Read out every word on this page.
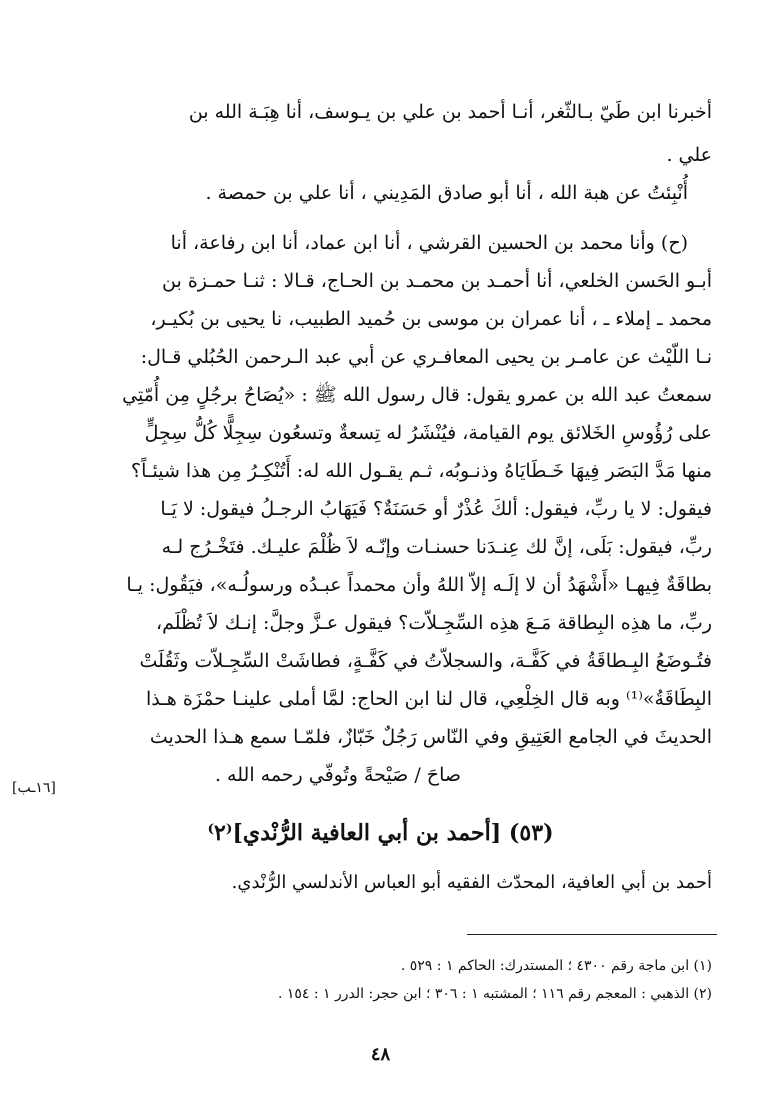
أخبرنا ابن طَيّ بـالثّغر، أنـا أحمد بن علي بن يـوسف، أنا هِبَـة الله بن
علي .
أُنْبِئتُ عن هبة الله ، أنا أبو صادق المَدِيني ، أنا علي بن حمصة .
(ح) وأنا محمد بن الحسين القرشي ، أنا ابن عماد، أنا ابن رفاعة، أنا
أبـو الحَسن الخلعي، أنا أحمـد بن محمـد بن الحـاج، قـالا : ثنـا حمـزة بن
محمد ـ إملاء ـ ، أنا عمران بن موسى بن حُميد الطبيب، نا يحيى بن بُكيـر،
نـا اللّيْث عن عامـر بن يحيى المعافـري عن أبي عبد الـرحمن الحُبُلي قـال:
سمعتُ عبد الله بن عمرو يقول: قال رسول الله ﷺ : «يُصَاحُ برجُلٍ مِن أُمّتِي
على رُؤُوسِ الخَلائق يوم القيامة، فيُنْشَرُ له تِسعةٌ وتسعُون سِجِلًّا كُلُّ سِجِلٍّ
منها مَدَّ البَصَر فِيهَا خَـطَايَاهُ وذنـوبُه، ثـم يقـول الله له: أَتُنْكِـرُ مِن هذا شيئـاً؟
فيقول: لا يا ربِّ، فيقول: ألكَ عُذْرٌ أو حَسَنَةٌ؟ فَيَهَابُ الرجـلُ فيقول: لا يَـا
ربِّ، فيقول: بَلَى، إنَّ لك عِنـدَنا حسنـات وإنّـه لاَ ظُلْمَ عليـك. فتَخْـرُج لـه
بطاقَةٌ فِيهـا «أَشْهَدُ أن لا إلَـه إلاّ اللهُ وأن محمداً عبـدُه ورسولُـه»، فيَقُول: يـا
ربِّ، ما هذِه البِطاقة مَـعَ هذِه السِّجِـلاّت؟ فيقول عـزَّ وجلَّ: إنـك لاَ تُظْلَم،
فتُـوضَعُ البِـطاقَةُ في كَفَّـة، والسجلاّتُ في كَفَّـةٍ، فطاشَتْ السِّجِـلاّت وثَقُلَتْ
البِطَاقَةُ»⁽¹⁾ وبه قال الخِلْعِي، قال لنا ابن الحاج: لمَّا أملى علينـا حمْزَة هـذا
الحديثَ في الجامع العَتِيقِ وفي النّاس رَجُلٌ خَبّازٌ، فلمّـا سمع هـذا الحديث
صاحَ / صَيْحةً وتُوفّي رحمه الله .
[١٦ـب]
(٥٣) [أحمد بن أبي العافية الرُّنْدي]⁽٢⁾
أحمد بن أبي العافية، المحدّث الفقيه أبو العباس الأندلسي الرُّنْدي.
(١) ابن ماجة رقم ٤٣٠٠ ؛ المستدرك: الحاكم ١ : ٥٢٩ .
(٢) الذهبي : المعجم رقم ١١٦ ؛ المشتبه ١ : ٣٠٦ ؛ ابن حجر: الدرر ١ : ١٥٤ .
٤٨
